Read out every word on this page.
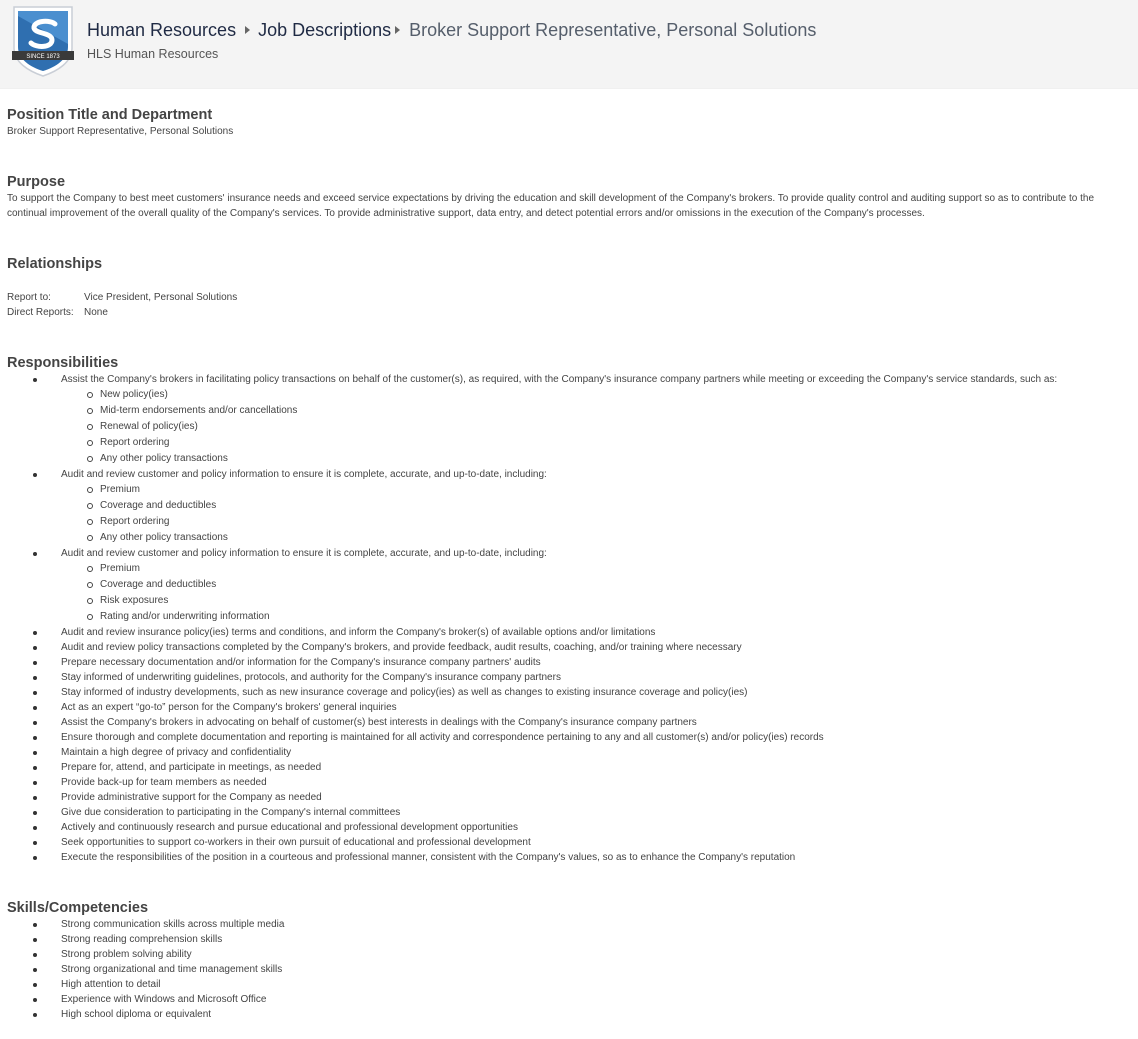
SINCE 1873
Human Resources Job Descriptions Broker Support Representative, Personal Solutions
HLS Human Resources
Position Title and Department
Broker Support Representative, Personal Solutions
Purpose
To support the Company to best meet customers' insurance needs and exceed service expectations by driving the education and skill development of the Company's brokers. To provide quality control and auditing support so as to contribute to the continual improvement of the overall quality of the Company's services. To provide administrative support, data entry, and detect potential errors and/or omissions in the execution of the Company's processes.
Relationships
Report to:	Vice President, Personal Solutions
Direct Reports:	None
Responsibilities
Assist the Company's brokers in facilitating policy transactions on behalf of the customer(s), as required, with the Company's insurance company partners while meeting or exceeding the Company's service standards, such as:
New policy(ies)
Mid-term endorsements and/or cancellations
Renewal of policy(ies)
Report ordering
Any other policy transactions
Audit and review customer and policy information to ensure it is complete, accurate, and up-to-date, including:
Premium
Coverage and deductibles
Report ordering
Any other policy transactions
Audit and review customer and policy information to ensure it is complete, accurate, and up-to-date, including:
Premium
Coverage and deductibles
Risk exposures
Rating and/or underwriting information
Audit and review insurance policy(ies) terms and conditions, and inform the Company's broker(s) of available options and/or limitations
Audit and review policy transactions completed by the Company's brokers, and provide feedback, audit results, coaching, and/or training where necessary
Prepare necessary documentation and/or information for the Company's insurance company partners' audits
Stay informed of underwriting guidelines, protocols, and authority for the Company's insurance company partners
Stay informed of industry developments, such as new insurance coverage and policy(ies) as well as changes to existing insurance coverage and policy(ies)
Act as an expert “go-to” person for the Company's brokers' general inquiries
Assist the Company's brokers in advocating on behalf of customer(s) best interests in dealings with the Company's insurance company partners
Ensure thorough and complete documentation and reporting is maintained for all activity and correspondence pertaining to any and all customer(s) and/or policy(ies) records
Maintain a high degree of privacy and confidentiality
Prepare for, attend, and participate in meetings, as needed
Provide back-up for team members as needed
Provide administrative support for the Company as needed
Give due consideration to participating in the Company's internal committees
Actively and continuously research and pursue educational and professional development opportunities
Seek opportunities to support co-workers in their own pursuit of educational and professional development
Execute the responsibilities of the position in a courteous and professional manner, consistent with the Company's values, so as to enhance the Company's reputation
Skills/Competencies
Strong communication skills across multiple media
Strong reading comprehension skills
Strong problem solving ability
Strong organizational and time management skills
High attention to detail
Experience with Windows and Microsoft Office
High school diploma or equivalent
